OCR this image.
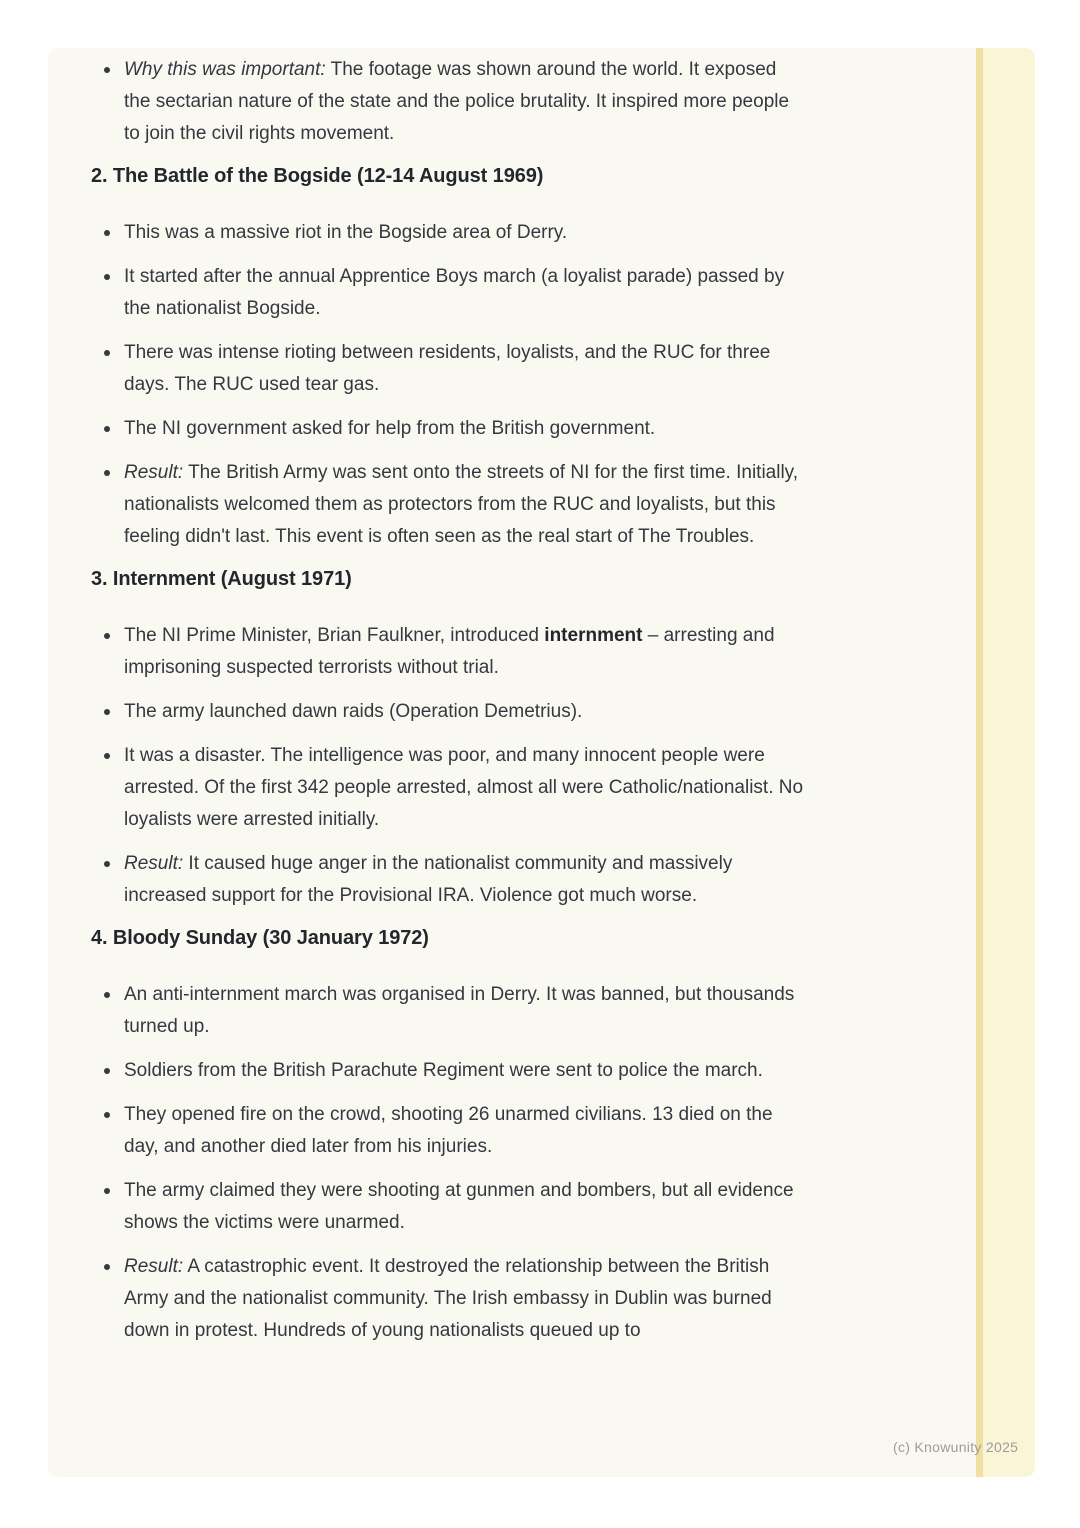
Why this was important: The footage was shown around the world. It exposed the sectarian nature of the state and the police brutality. It inspired more people to join the civil rights movement.
2. The Battle of the Bogside (12-14 August 1969)
This was a massive riot in the Bogside area of Derry.
It started after the annual Apprentice Boys march (a loyalist parade) passed by the nationalist Bogside.
There was intense rioting between residents, loyalists, and the RUC for three days. The RUC used tear gas.
The NI government asked for help from the British government.
Result: The British Army was sent onto the streets of NI for the first time. Initially, nationalists welcomed them as protectors from the RUC and loyalists, but this feeling didn't last. This event is often seen as the real start of The Troubles.
3. Internment (August 1971)
The NI Prime Minister, Brian Faulkner, introduced internment – arresting and imprisoning suspected terrorists without trial.
The army launched dawn raids (Operation Demetrius).
It was a disaster. The intelligence was poor, and many innocent people were arrested. Of the first 342 people arrested, almost all were Catholic/nationalist. No loyalists were arrested initially.
Result: It caused huge anger in the nationalist community and massively increased support for the Provisional IRA. Violence got much worse.
4. Bloody Sunday (30 January 1972)
An anti-internment march was organised in Derry. It was banned, but thousands turned up.
Soldiers from the British Parachute Regiment were sent to police the march.
They opened fire on the crowd, shooting 26 unarmed civilians. 13 died on the day, and another died later from his injuries.
The army claimed they were shooting at gunmen and bombers, but all evidence shows the victims were unarmed.
Result: A catastrophic event. It destroyed the relationship between the British Army and the nationalist community. The Irish embassy in Dublin was burned down in protest. Hundreds of young nationalists queued up to
(c) Knowunity 2025
